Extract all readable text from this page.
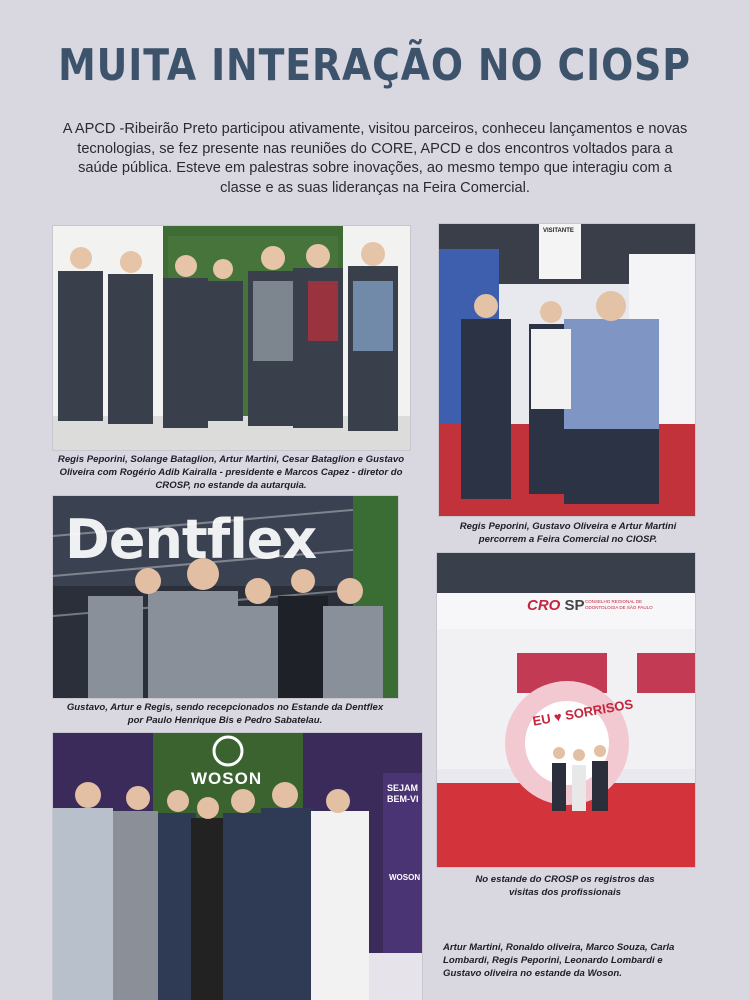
MUITA INTERAÇÃO NO CIOSP
A APCD -Ribeirão Preto participou ativamente, visitou parceiros, conheceu lançamentos e novas tecnologias, se fez presente nas reuniões do CORE, APCD e dos encontros voltados para a saúde pública. Esteve em palestras sobre inovações, ao mesmo tempo que interagiu com a classe e as suas lideranças na Feira Comercial.
Regis Peporini, Solange Bataglion, Artur Martini, Cesar Bataglion e Gustavo Oliveira com Rogério Adib Kairalla - presidente e Marcos Capez - diretor do CROSP, no estande da autarquia.
VISITANTE
Regis Peporini, Gustavo Oliveira e Artur Martini percorrem a Feira Comercial no CIOSP.
Dentflex
Gustavo, Artur e Regis, sendo recepcionados no Estande da Dentflex por Paulo Henrique Bis e Pedro Sabatelau.
CRO SP CONSELHO REGIONAL DE ODONTOLOGIA DE SÃO PAULO
EU ♥ SORRISOS
No estande do CROSP os registros das visitas dos profissionais
WOSON	SEJAM BEM-VI
WOSON
Artur Martini, Ronaldo oliveira, Marco Souza, Carla Lombardi, Regis Peporini, Leonardo Lombardi e Gustavo oliveira no estande da Woson.
